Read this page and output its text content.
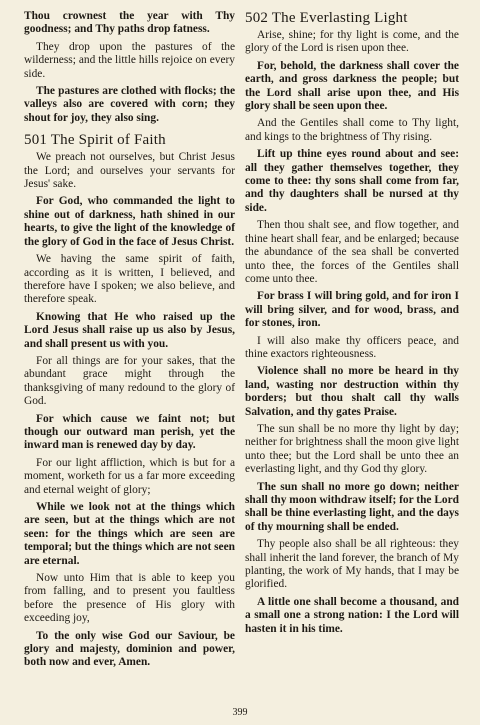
Thou crownest the year with Thy goodness; and Thy paths drop fatness.

They drop upon the pastures of the wilderness; and the little hills rejoice on every side.

The pastures are clothed with flocks; the valleys also are covered with corn; they shout for joy, they also sing.

501 The Spirit of Faith

We preach not ourselves, but Christ Jesus the Lord; and ourselves your servants for Jesus' sake.

For God, who commanded the light to shine out of darkness, hath shined in our hearts, to give the light of the knowledge of the glory of God in the face of Jesus Christ.

We having the same spirit of faith, according as it is written, I believed, and therefore have I spoken; we also believe, and therefore speak.

Knowing that He who raised up the Lord Jesus shall raise up us also by Jesus, and shall present us with you.

For all things are for your sakes, that the abundant grace might through the thanksgiving of many redound to the glory of God.

For which cause we faint not; but though our outward man perish, yet the inward man is renewed day by day.

For our light affliction, which is but for a moment, worketh for us a far more exceeding and eternal weight of glory;

While we look not at the things which are seen, but at the things which are not seen: for the things which are seen are temporal; but the things which are not seen are eternal.

Now unto Him that is able to keep you from falling, and to present you faultless before the presence of His glory with exceeding joy,

To the only wise God our Saviour, be glory and majesty, dominion and power, both now and ever, Amen.

502 The Everlasting Light

Arise, shine; for thy light is come, and the glory of the Lord is risen upon thee.

For, behold, the darkness shall cover the earth, and gross darkness the people; but the Lord shall arise upon thee, and His glory shall be seen upon thee.

And the Gentiles shall come to Thy light, and kings to the brightness of Thy rising.

Lift up thine eyes round about and see: all they gather themselves together, they come to thee: thy sons shall come from far, and thy daughters shall be nursed at thy side.

Then thou shalt see, and flow together, and thine heart shall fear, and be enlarged; because the abundance of the sea shall be converted unto thee, the forces of the Gentiles shall come unto thee.

For brass I will bring gold, and for iron I will bring silver, and for wood, brass, and for stones, iron.

I will also make thy officers peace, and thine exactors righteousness.

Violence shall no more be heard in thy land, wasting nor destruction within thy borders; but thou shalt call thy walls Salvation, and thy gates Praise.

The sun shall be no more thy light by day; neither for brightness shall the moon give light unto thee; but the Lord shall be unto thee an everlasting light, and thy God thy glory.

The sun shall no more go down; neither shall thy moon withdraw itself; for the Lord shall be thine everlasting light, and the days of thy mourning shall be ended.

Thy people also shall be all righteous: they shall inherit the land forever, the branch of My planting, the work of My hands, that I may be glorified.

A little one shall become a thousand, and a small one a strong nation: I the Lord will hasten it in his time.

399
